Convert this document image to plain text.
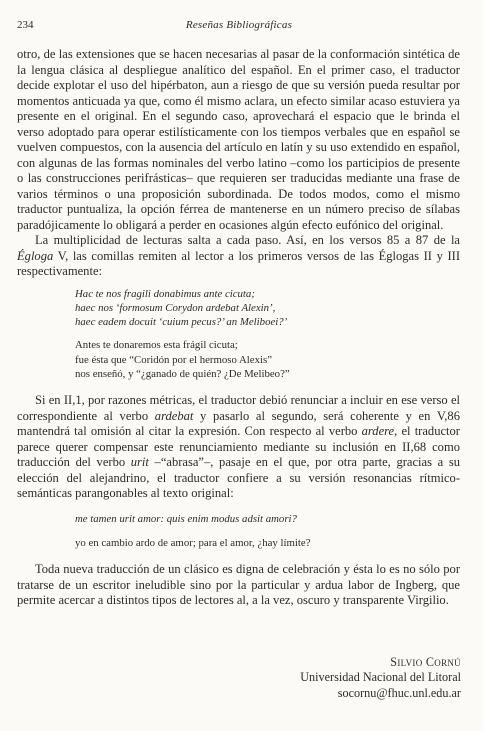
234	Reseñas Bibliográficas

otro, de las extensiones que se hacen necesarias al pasar de la conformación sintética de la lengua clásica al despliegue analítico del español. En el primer caso, el traductor decide explotar el uso del hipérbaton, aun a riesgo de que su versión pueda resultar por momentos anticuada ya que, como él mismo aclara, un efecto similar acaso estuviera ya presente en el original. En el segundo caso, aprovechará el espacio que le brinda el verso adoptado para operar estilísticamente con los tiempos verbales que en español se vuelven compuestos, con la ausencia del artículo en latín y su uso extendido en español, con algunas de las formas nominales del verbo latino –como los participios de presente o las construcciones perifrásticas– que requieren ser traducidas mediante una frase de varios términos o una proposición subordinada. De todos modos, como el mismo traductor puntualiza, la opción férrea de mantenerse en un número preciso de sílabas paradójicamente lo obligará a perder en ocasiones algún efecto eufónico del original.

La multiplicidad de lecturas salta a cada paso. Así, en los versos 85 a 87 de la Égloga V, las comillas remiten al lector a los primeros versos de las Églogas II y III respectivamente:

Hac te nos fragili donabimus ante cicuta;
haec nos ‘formosum Corydon ardebat Alexin’,
haec eadem docuit ‘cuium pecus?’ an Meliboei?’
Antes te donaremos esta frágil cicuta;
fue ésta que “Coridón por el hermoso Alexis”
nos enseñó, y “¿ganado de quién? ¿De Melibeo?”

Si en II,1, por razones métricas, el traductor debió renunciar a incluir en ese verso el correspondiente al verbo ardebat y pasarlo al segundo, será coherente y en V,86 mantendrá tal omisión al citar la expresión. Con respecto al verbo ardere, el traductor parece querer compensar este renunciamiento mediante su inclusión en II,68 como traducción del verbo urit –“abrasa”–, pasaje en el que, por otra parte, gracias a su elección del alejandrino, el traductor confiere a su versión resonancias rítmico-semánticas parangonables al texto original:

me tamen urit amor: quis enim modus adsit amori?
yo en cambio ardo de amor; para el amor, ¿hay límite?

Toda nueva traducción de un clásico es digna de celebración y ésta lo es no sólo por tratarse de un escritor ineludible sino por la particular y ardua labor de Ingberg, que permite acercar a distintos tipos de lectores al, a la vez, oscuro y transparente Virgilio.

Silvio Cornú
Universidad Nacional del Litoral
socornu@fhuc.unl.edu.ar
